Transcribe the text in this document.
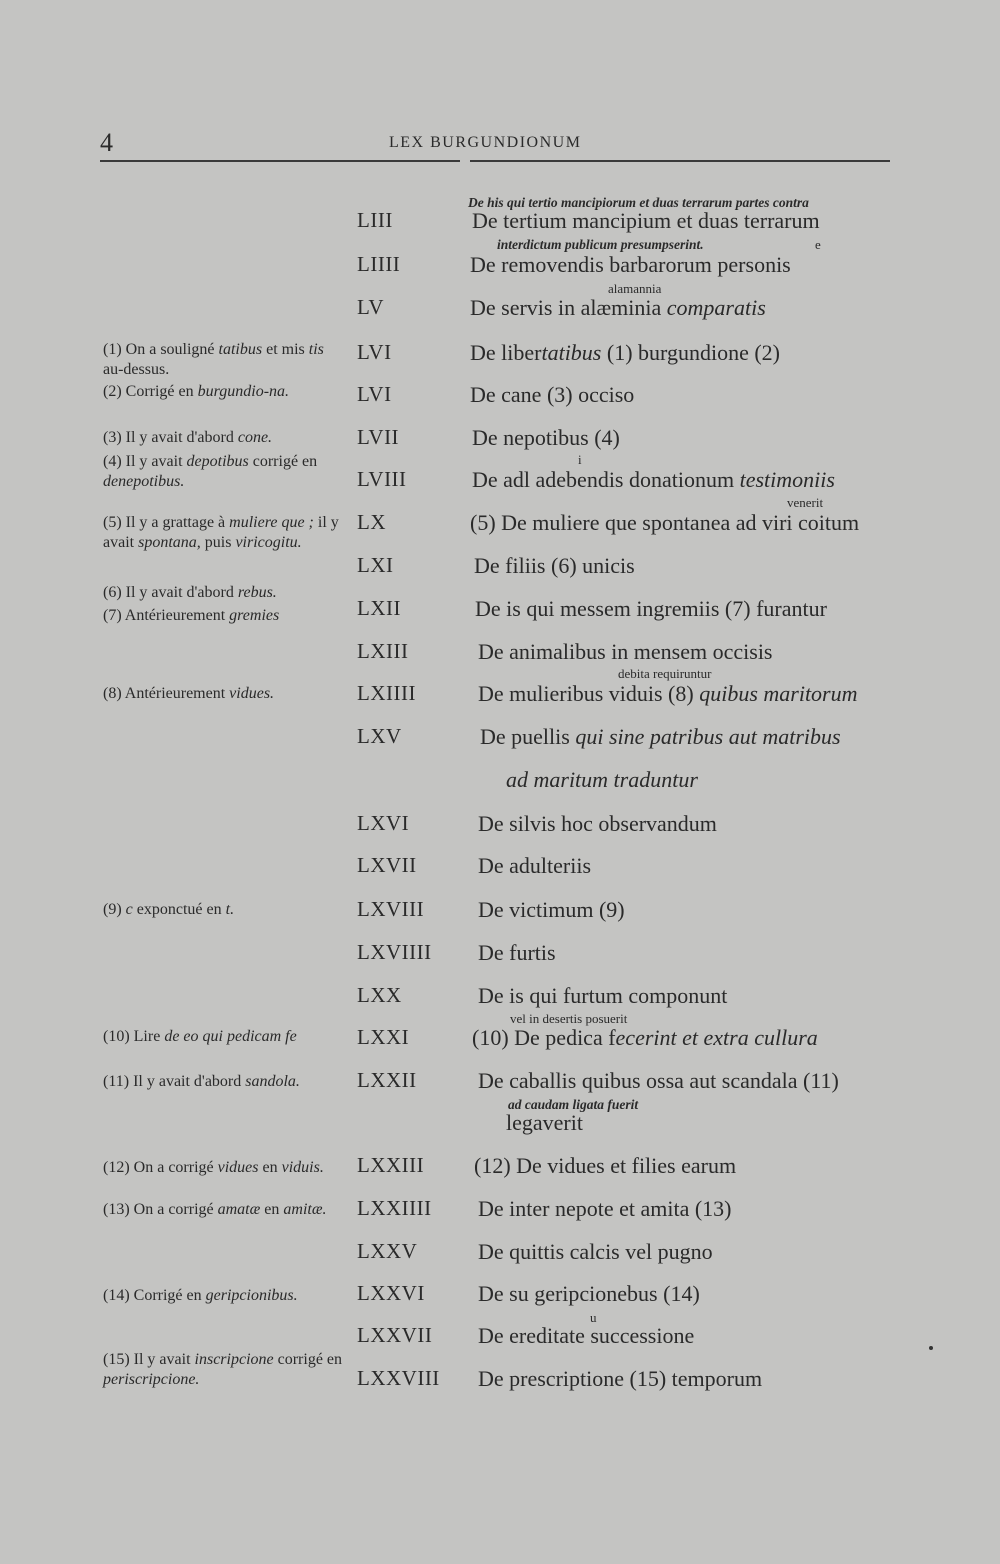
4	LEX BURGUNDIONUM
De his qui tertio mancipiorum et duas terrarum partes contra
LIII	De tertium mancipium et duas terrarum
interdictum publicum presumpserint.	e
LIIII	De removendis barbarorum personis
alamannia
LV	De servis in alæminia comparatis
LVI	De libertatibus (1) burgundione (2)
LVI	De cane (3) occiso
LVII	De nepotibus (4)
i
LVIII	De adl adebendis donationum testimoniis
venerit
LX	(5) De muliere que spontanea ad viri coitum
LXI	De filiis (6) unicis
LXII	De is qui messem ingremiis (7) furantur
LXIII	De animalibus in mensem occisis
debita requiruntur
LXIIII	De mulieribus viduis (8) quibus maritorum
LXV	De puellis qui sine patribus aut matribus
ad maritum traduntur
LXVI	De silvis hoc observandum
LXVII	De adulteriis
LXVIII De victimum (9)
LXVIIII De furtis
LXX	De is qui furtum componunt
vel in desertis posuerit
LXXI	(10) De pedica fecerint et extra cullura
LXXII	De caballis quibus ossa aut scandala (11)
ad caudam ligata fuerit
legaverit
LXXIII (12) De vidues et filies earum
LXXIIII De inter nepote et amita (13)
LXXV	De quittis calcis vel pugno
LXXVI De su geripcionebus (14)
u
LXXVII De ereditate successione
LXXVIII De prescriptione (15) temporum
(1) On a souligné tatibus et mis tis au-dessus.
(2) Corrigé en burgundio-na.
(3) Il y avait d'abord cone.
(4) Il y avait depotibus corrigé en denepotibus.
(5) Il y a grattage à muliere que ; il y avait spontana, puis viricogitu.
(6) Il y avait d'abord rebus.
(7) Antérieurement gremies
(8) Antérieurement vidues.
(9) c exponctué en t.
(10) Lire de eo qui pedicam fe
(11) Il y avait d'abord sandola.
(12) On a corrigé vidues en viduis.
(13) On a corrigé amatæ en amitæ.
(14) Corrigé en geripcionibus.
(15) Il y avait inscripcione corrigé en periscripcione.
